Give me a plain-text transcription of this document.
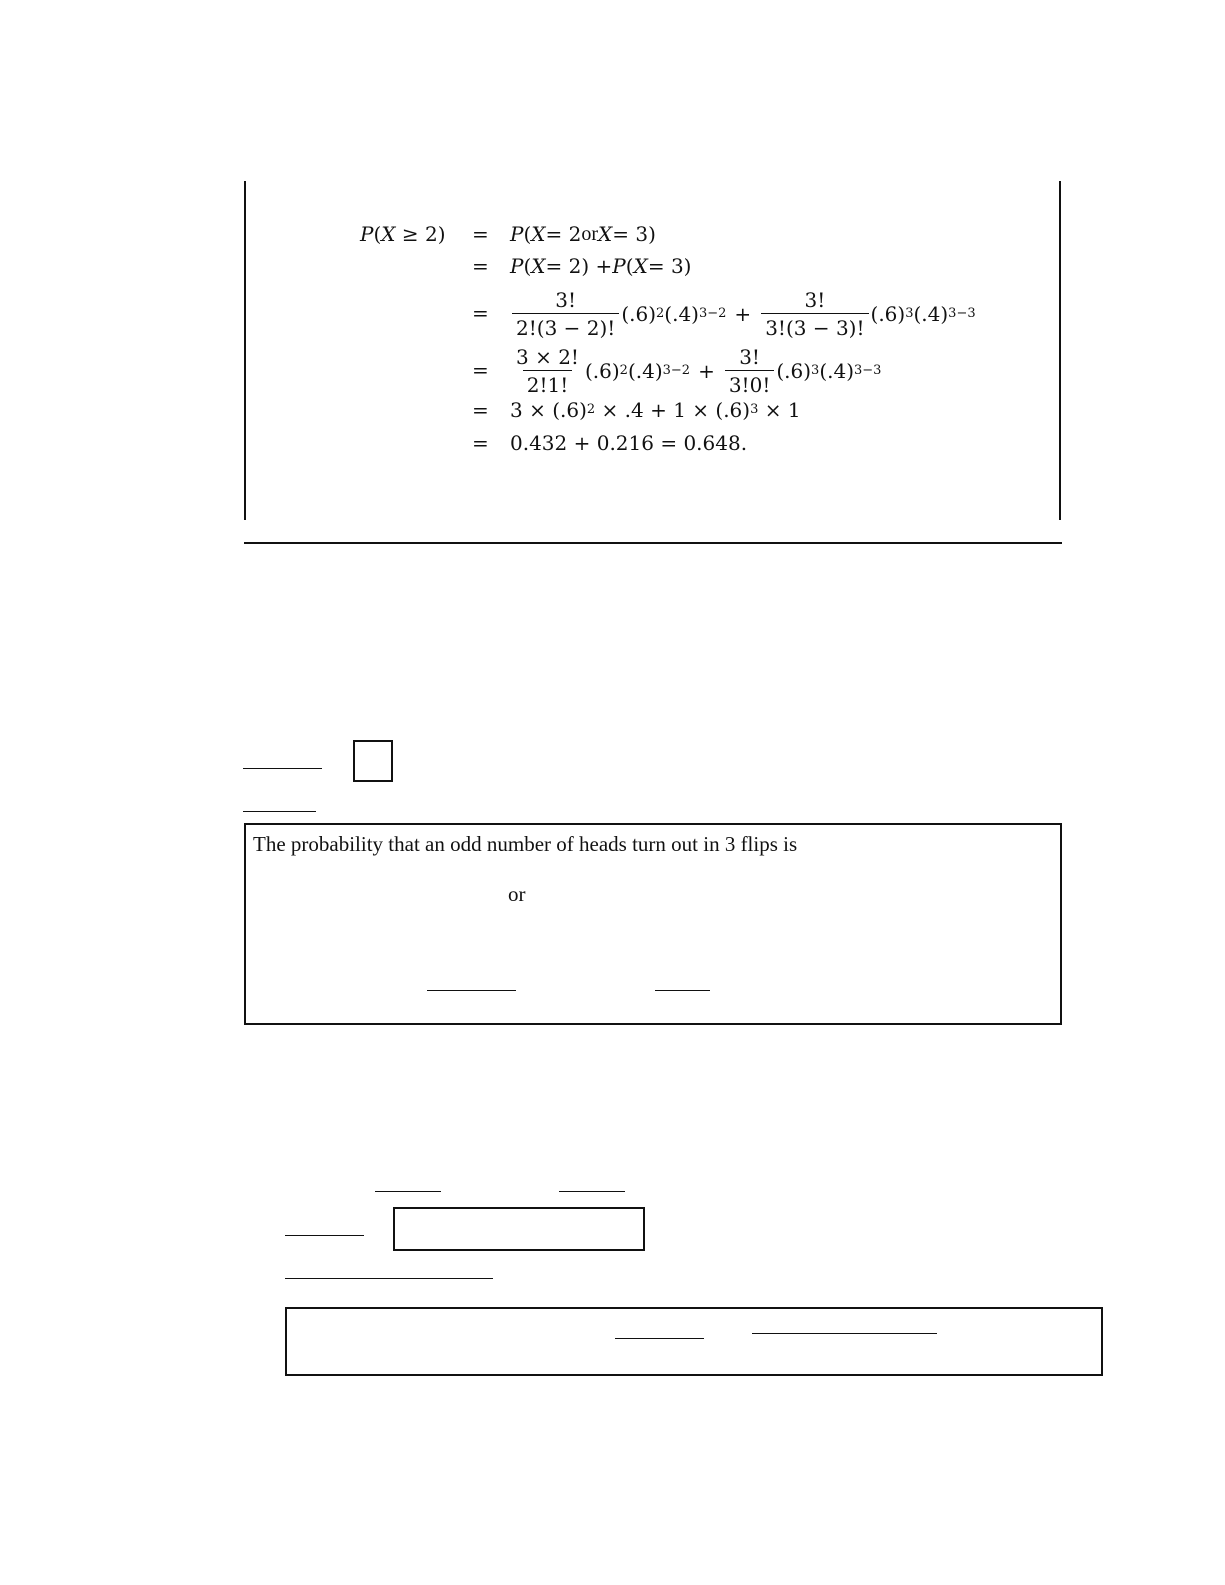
P(X ≥ 2) = P ( X = 2 or X = 3)
= P ( X = 2) + P ( X = 3)
= $\frac{3!}{2!(3 - 2)!} (.6)$ 2 (.4) $3-2 + \frac{3!}{3!(3 - 3)!} (.6)$ 3 (.4) 3−3
= $\frac{3 \times 2!}{2!1!} (.6)$ 2 (.4) $3-2 + \frac{3!}{3!0!} (.6)$ 3 (.4) 3−3
= 3 × (.6) 2 × .4 + 1 × (.6) 3 × 1
= 0.432 + 0.216 = 0.648.
The probability that an odd number of heads turn out in 3 flips is
or
